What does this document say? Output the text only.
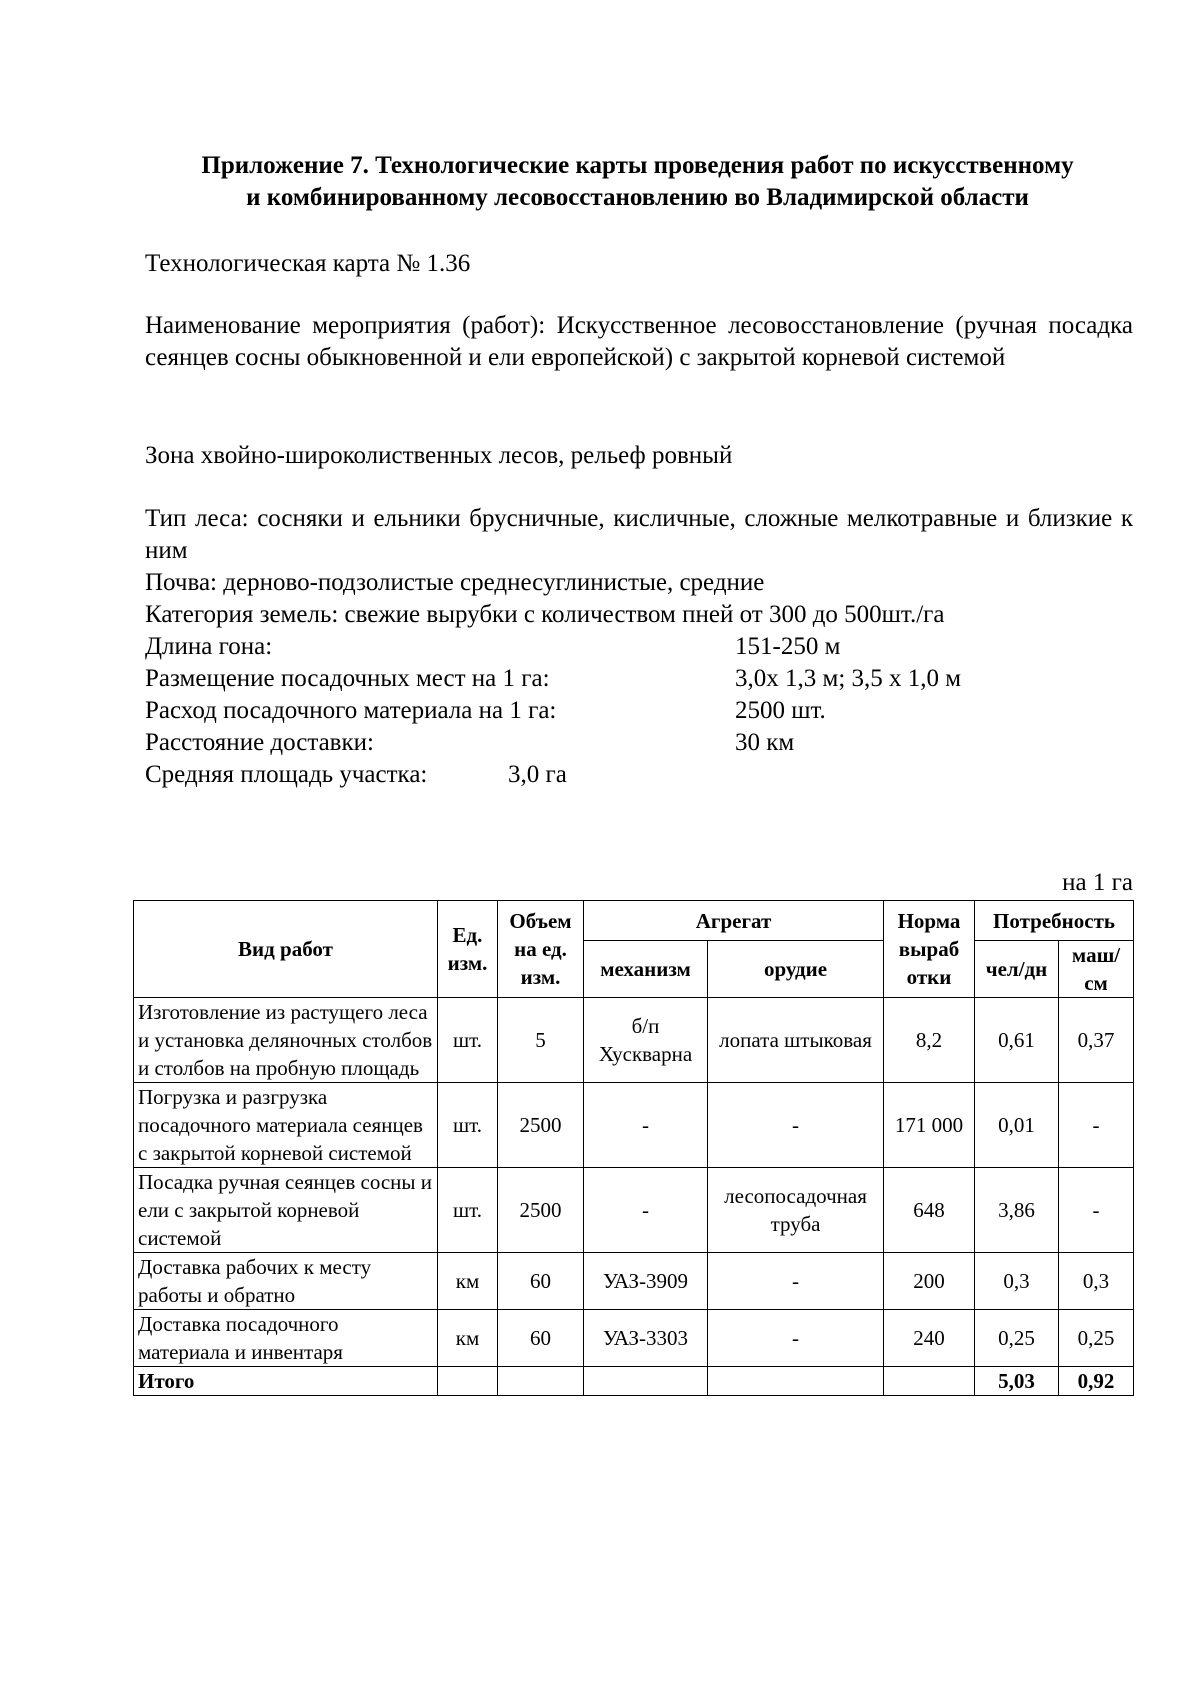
Приложение 7. Технологические карты проведения работ по искусственному
и комбинированному лесовосстановлению во Владимирской области
Технологическая карта № 1.36
Наименование мероприятия (работ): Искусственное лесовосстановление (ручная посадка сеянцев сосны обыкновенной и ели европейской) с закрытой корневой системой
Зона хвойно-широколиственных лесов, рельеф ровный
Тип леса: сосняки и ельники брусничные, кисличные, сложные мелкотравные и близкие к ним
Почва: дерново-подзолистые среднесуглинистые, средние
Категория земель: свежие вырубки с количеством пней от 300 до 500шт./га
Длина гона:	151-250 м
Размещение посадочных мест на 1 га:	3,0х 1,3 м; 3,5 х 1,0 м
Расход посадочного материала на 1 га:	2500 шт.
Расстояние доставки:	30 км
Средняя площадь участка:	3,0 га
на 1 га
Вид работ	Ед. изм.	Объем на ед. изм.	Агрегат		Норма выраб отки	Потребность	
			механизм	орудие		чел/дн	маш/ см
Изготовление из растущего леса и установка деляночных столбов и столбов на пробную площадь	шт.	5	б/п Хускварна	лопата штыковая	8,2	0,61	0,37
Погрузка и разгрузка посадочного материала сеянцев с закрытой корневой системой	шт.	2500	-	-	171 000	0,01	-
Посадка ручная сеянцев сосны и ели с закрытой корневой системой	шт.	2500	-	лесопосадочная труба	648	3,86	-
Доставка рабочих к месту работы и обратно	км	60	УАЗ-3909	-	200	0,3	0,3
Доставка посадочного материала и инвентаря	км	60	УАЗ-3303	-	240	0,25	0,25
Итого						5,03	0,92
